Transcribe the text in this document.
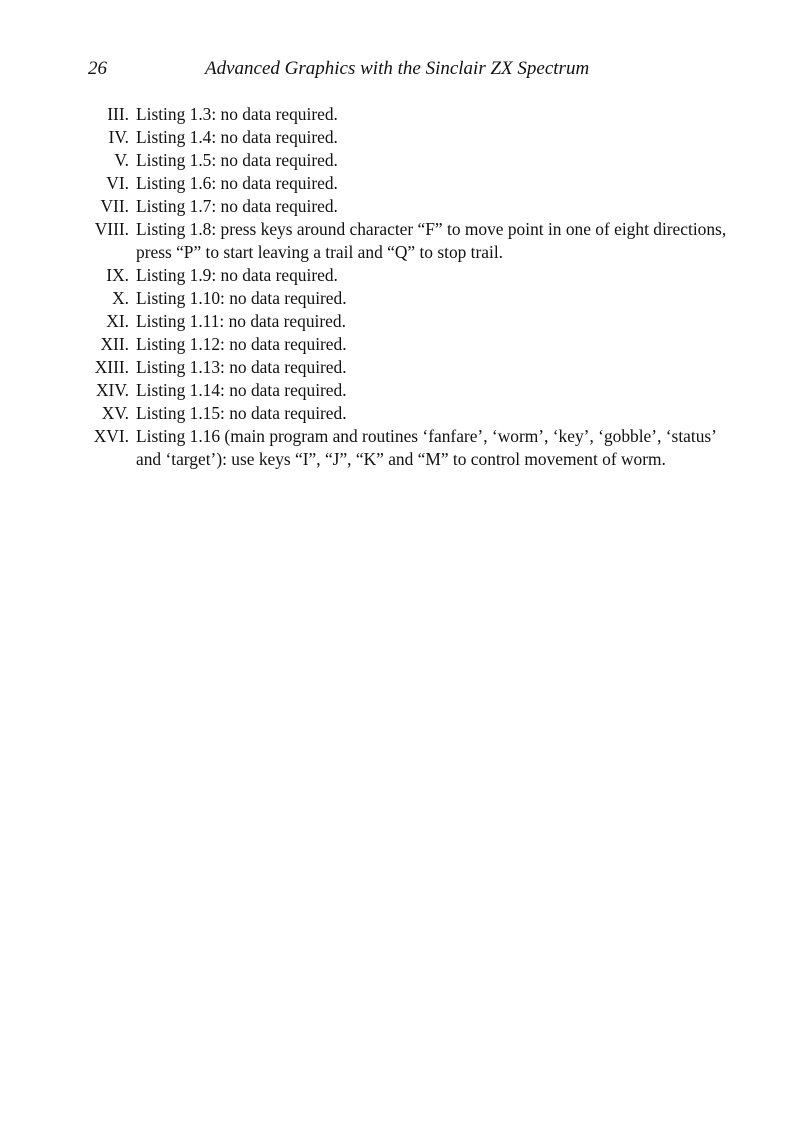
26	Advanced Graphics with the Sinclair ZX Spectrum
III. Listing 1.3: no data required.
IV. Listing 1.4: no data required.
V. Listing 1.5: no data required.
VI. Listing 1.6: no data required.
VII. Listing 1.7: no data required.
VIII. Listing 1.8: press keys around character “F” to move point in one of eight directions, press “P” to start leaving a trail and “Q” to stop trail.
IX. Listing 1.9: no data required.
X. Listing 1.10: no data required.
XI. Listing 1.11: no data required.
XII. Listing 1.12: no data required.
XIII. Listing 1.13: no data required.
XIV. Listing 1.14: no data required.
XV. Listing 1.15: no data required.
XVI. Listing 1.16 (main program and routines ‘fanfare’, ‘worm’, ‘key’, ‘gobble’, ‘status’ and ‘target’): use keys “I”, “J”, “K” and “M” to control movement of worm.
